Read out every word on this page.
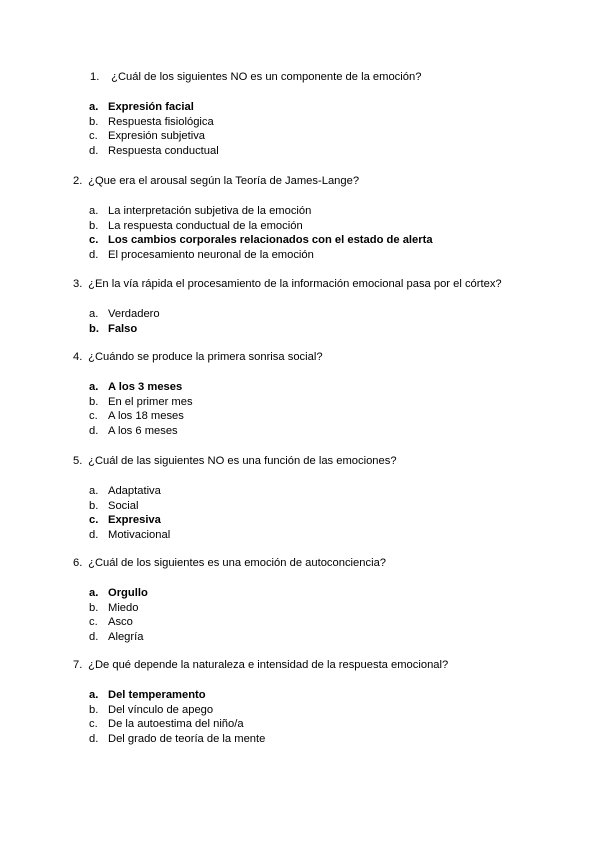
1. ¿Cuál de los siguientes NO es un componente de la emoción?
a. Expresión facial
b. Respuesta fisiológica
c. Expresión subjetiva
d. Respuesta conductual
2. ¿Que era el arousal según la Teoría de James-Lange?
a. La interpretación subjetiva de la emoción
b. La respuesta conductual de la emoción
c. Los cambios corporales relacionados con el estado de alerta
d. El procesamiento neuronal de la emoción
3. ¿En la vía rápida el procesamiento de la información emocional pasa por el córtex?
a. Verdadero
b. Falso
4. ¿Cuándo se produce la primera sonrisa social?
a. A los 3 meses
b. En el primer mes
c. A los 18 meses
d. A los 6 meses
5. ¿Cuál de las siguientes NO es una función de las emociones?
a. Adaptativa
b. Social
c. Expresiva
d. Motivacional
6. ¿Cuál de los siguientes es una emoción de autoconciencia?
a. Orgullo
b. Miedo
c. Asco
d. Alegría
7. ¿De qué depende la naturaleza e intensidad de la respuesta emocional?
a. Del temperamento
b. Del vínculo de apego
c. De la autoestima del niño/a
d. Del grado de teoría de la mente
